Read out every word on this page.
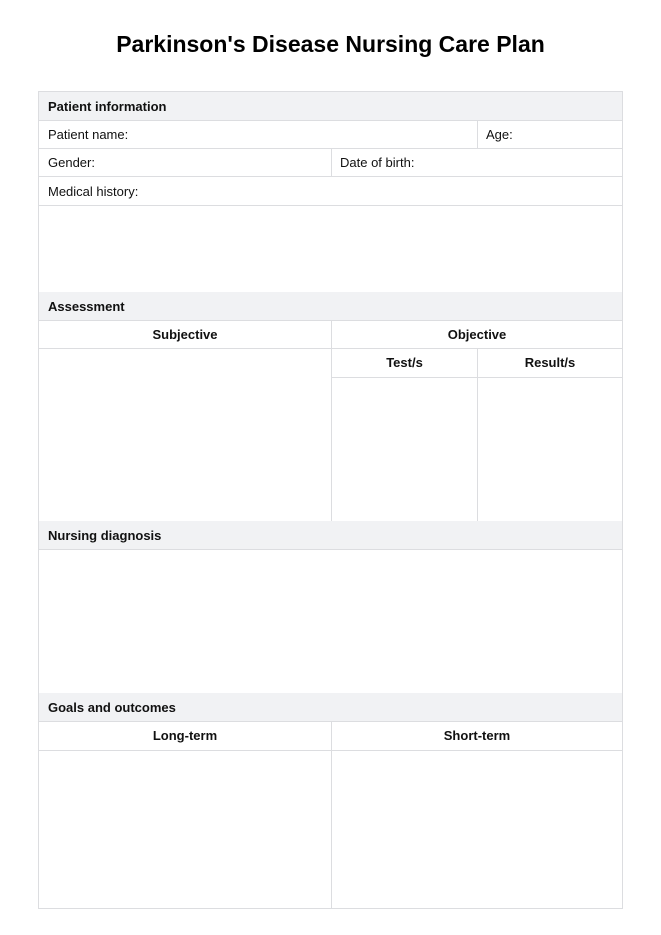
Parkinson's Disease Nursing Care Plan
Patient information
Patient name:	Age:
Gender:	Date of birth:
Medical history:
Assessment
Subjective	Objective
Test/s	Result/s
Nursing diagnosis
Goals and outcomes
Long-term	Short-term
